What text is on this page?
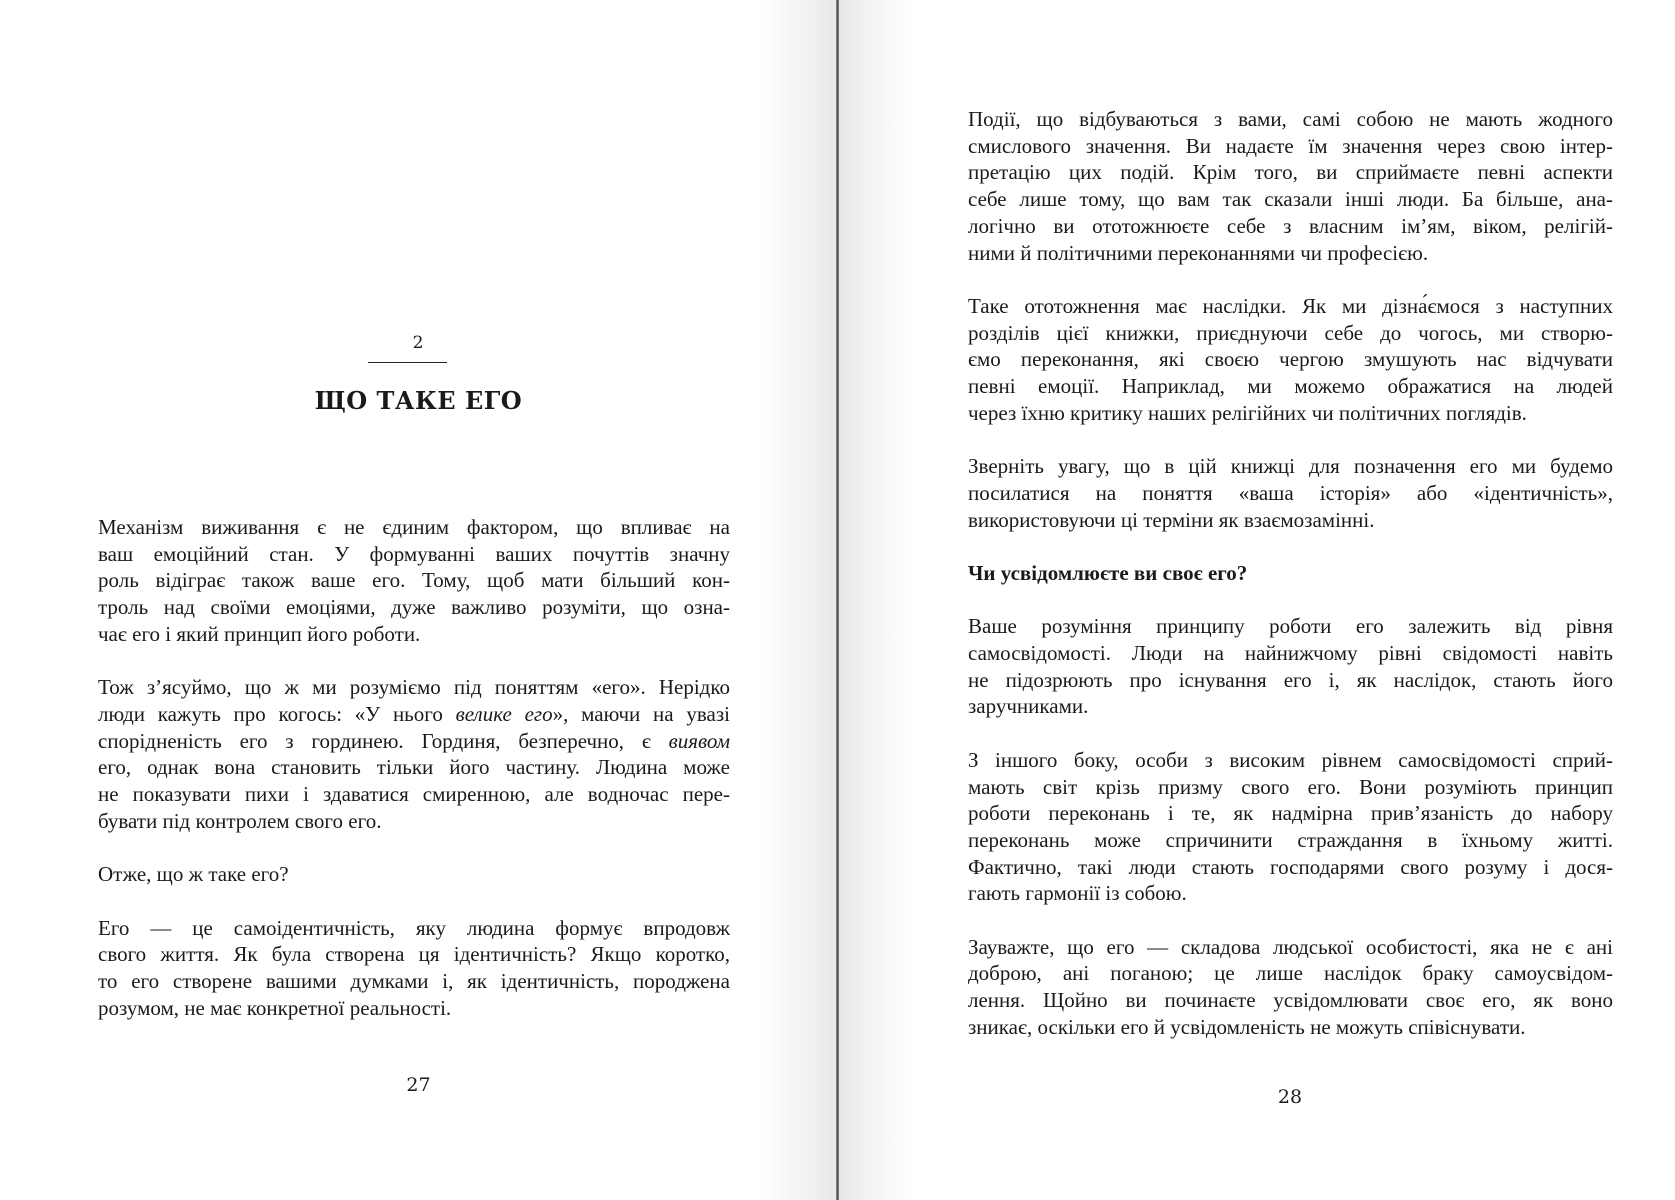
2
ЩО ТАКЕ ЕГО

Механізм виживання є не єдиним фактором, що впливає на
ваш емоційний стан. У формуванні ваших почуттів значну
роль відіграє також ваше его. Тому, щоб мати більший кон-
троль над своїми емоціями, дуже важливо розуміти, що озна-
чає его і який принцип його роботи.

Тож з’ясуймо, що ж ми розуміємо під поняттям «его». Нерідко
люди кажуть про когось: «У нього велике его», маючи на увазі
спорідненість его з гординею. Гординя, безперечно, є виявом
его, однак вона становить тільки його частину. Людина може
не показувати пихи і здаватися смиренною, але водночас пере-
бувати під контролем свого его.

Отже, що ж таке его?

Его — це самоідентичність, яку людина формує впродовж
свого життя. Як була створена ця ідентичність? Якщо коротко,
то его створене вашими думками і, як ідентичність, породжена
розумом, не має конкретної реальності.

27

Події, що відбуваються з вами, самі собою не мають жодного
смислового значення. Ви надаєте їм значення через свою інтер-
претацію цих подій. Крім того, ви сприймаєте певні аспекти
себе лише тому, що вам так сказали інші люди. Ба більше, ана-
логічно ви ототожнюєте себе з власним ім’ям, віком, релігій-
ними й політичними переконаннями чи професією.

Таке ототожнення має наслідки. Як ми дізна́ємося з наступних
розділів цієї книжки, приєднуючи себе до чогось, ми створю-
ємо переконання, які своєю чергою змушують нас відчувати
певні емоції. Наприклад, ми можемо ображатися на людей
через їхню критику наших релігійних чи політичних поглядів.

Зверніть увагу, що в цій книжці для позначення его ми будемо
посилатися на поняття «ваша історія» або «ідентичність»,
використовуючи ці терміни як взаємозамінні.

Чи усвідомлюєте ви своє его?

Ваше розуміння принципу роботи его залежить від рівня
самосвідомості. Люди на найнижчому рівні свідомості навіть
не підозрюють про існування его і, як наслідок, стають його
заручниками.

З іншого боку, особи з високим рівнем самосвідомості сприй-
мають світ крізь призму свого его. Вони розуміють принцип
роботи переконань і те, як надмірна прив’язаність до набору
переконань може спричинити страждання в їхньому житті.
Фактично, такі люди стають господарями свого розуму і дося-
гають гармонії із собою.

Зауважте, що его — складова людської особистості, яка не є ані
доброю, ані поганою; це лише наслідок браку самоусвідом-
лення. Щойно ви починаєте усвідомлювати своє его, як воно
зникає, оскільки его й усвідомленість не можуть співіснувати.

28
